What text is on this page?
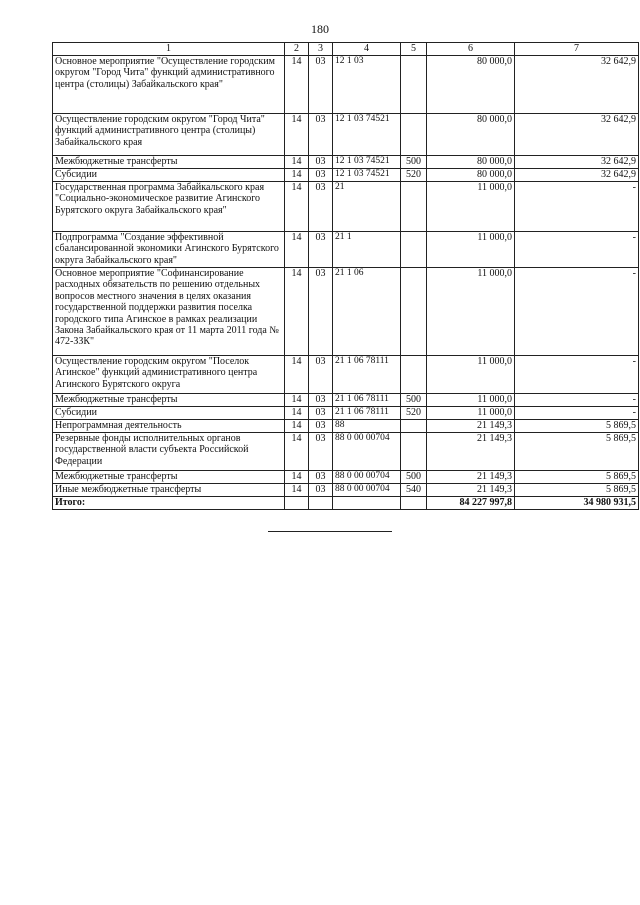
180
1	2	3	4	5	6	7
Основное мероприятие "Осуществление городским округом "Город Чита" функций административного центра (столицы) Забайкальского края"	14	03	12 1 03		80 000,0	32 642,9
Осуществление городским округом "Город Чита" функций административного центра (столицы) Забайкальского края	14	03	12 1 03 74521		80 000,0	32 642,9
Межбюджетные трансферты	14	03	12 1 03 74521	500	80 000,0	32 642,9
Субсидии	14	03	12 1 03 74521	520	80 000,0	32 642,9
Государственная программа Забайкальского края "Социально-экономическое развитие Агинского Бурятского округа Забайкальского края"	14	03	21		11 000,0	-
Подпрограмма "Создание эффективной сбалансированной экономики Агинского Бурятского округа Забайкальского края"	14	03	21 1		11 000,0	-
Основное мероприятие "Софинансирование расходных обязательств по решению отдельных вопросов местного значения в целях оказания государственной поддержки развития поселка городского типа Агинское в рамках реализации Закона Забайкальского края от 11 марта 2011 года № 472-ЗЗК"	14	03	21 1 06		11 000,0	-
Осуществление городским округом "Поселок Агинское" функций административного центра Агинского Бурятского округа	14	03	21 1 06 78111		11 000,0	-
Межбюджетные трансферты	14	03	21 1 06 78111	500	11 000,0	-
Субсидии	14	03	21 1 06 78111	520	11 000,0	-
Непрограммная деятельность	14	03	88		21 149,3	5 869,5
Резервные фонды исполнительных органов государственной власти субъекта Российской Федерации	14	03	88 0 00 00704		21 149,3	5 869,5
Межбюджетные трансферты	14	03	88 0 00 00704	500	21 149,3	5 869,5
Иные межбюджетные трансферты	14	03	88 0 00 00704	540	21 149,3	5 869,5
Итого:					84 227 997,8	34 980 931,5
